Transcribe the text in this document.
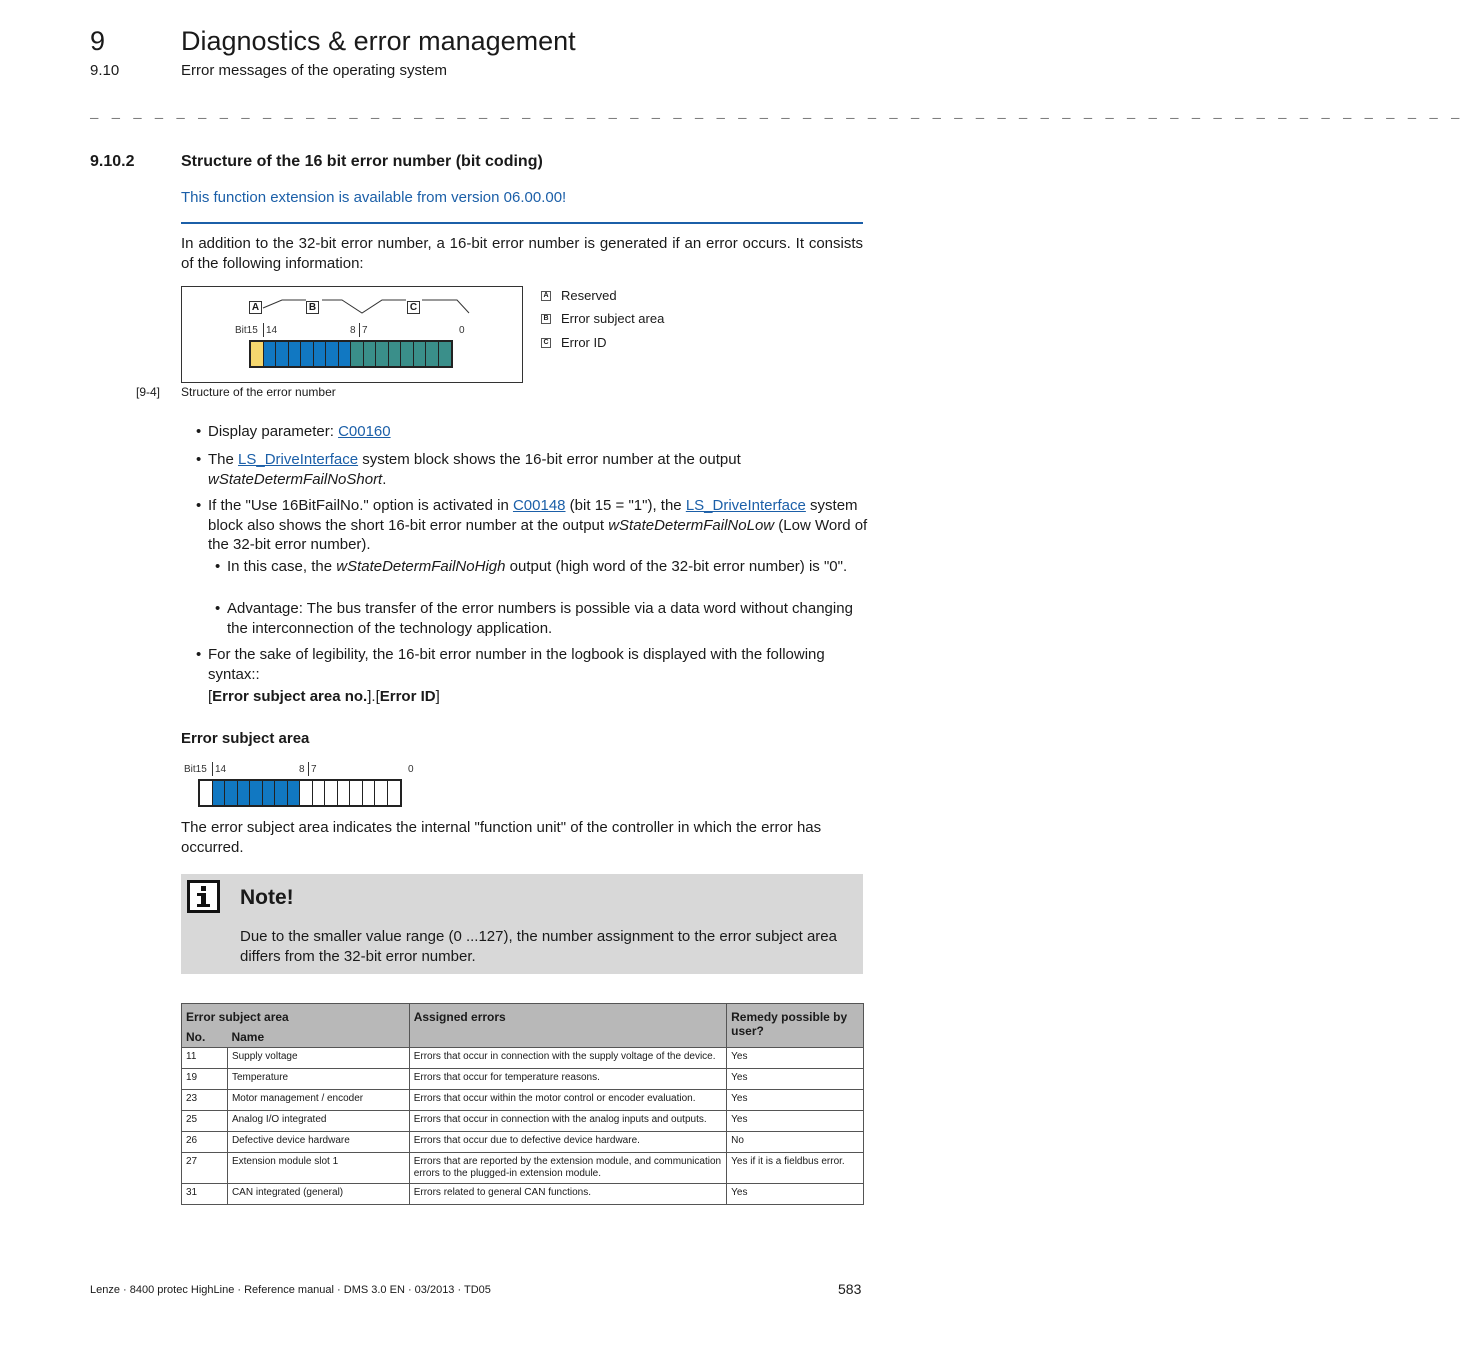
9	Diagnostics & error management
9.10	Error messages of the operating system
_ _ _ _ _ _ _ _ _ _ _ _ _ _ _ _ _ _ _ _ _ _ _ _ _ _ _ _ _ _ _ _ _ _ _ _ _ _ _ _ _ _ _ _ _ _ _ _ _ _ _ _ _ _ _ _ _ _ _ _ _ _ _ _
9.10.2	Structure of the 16 bit error number (bit coding)
This function extension is available from version 06.00.00!
In addition to the 32-bit error number, a 16-bit error number is generated if an error occurs. It consists of the following information:
A	B	C
Bit15 14	8 7	0
A Reserved
B Error subject area
C Error ID
[9-4] Structure of the error number
• Display parameter: C00160
• The LS_DriveInterface system block shows the 16-bit error number at the output wStateDetermFailNoShort.
• If the "Use 16BitFailNo." option is activated in C00148 (bit 15 = "1"), the LS_DriveInterface system block also shows the short 16-bit error number at the output wStateDetermFailNoLow (Low Word of the 32-bit error number).
• In this case, the wStateDetermFailNoHigh output (high word of the 32-bit error number) is "0".
• Advantage: The bus transfer of the error numbers is possible via a data word without changing the interconnection of the technology application.
• For the sake of legibility, the 16-bit error number in the logbook is displayed with the following syntax::
[Error subject area no.].[Error ID]
Error subject area
Bit15 14	8 7	0
The error subject area indicates the internal "function unit" of the controller in which the error has occurred.
Note!
Due to the smaller value range (0 ...127), the number assignment to the error subject area differs from the 32-bit error number.
Error subject area		Assigned errors	Remedy possible by user?
No.	Name		
11	Supply voltage	Errors that occur in connection with the supply voltage of the device.	Yes
19	Temperature	Errors that occur for temperature reasons.	Yes
23	Motor management / encoder	Errors that occur within the motor control or encoder evaluation.	Yes
25	Analog I/O integrated	Errors that occur in connection with the analog inputs and outputs.	Yes
26	Defective device hardware	Errors that occur due to defective device hardware.	No
27	Extension module slot 1	Errors that are reported by the extension module, and communication errors to the plugged-in extension module.	Yes if it is a fieldbus error.
31	CAN integrated (general)	Errors related to general CAN functions.	Yes
Lenze · 8400 protec HighLine · Reference manual · DMS 3.0 EN · 03/2013 · TD05	583
